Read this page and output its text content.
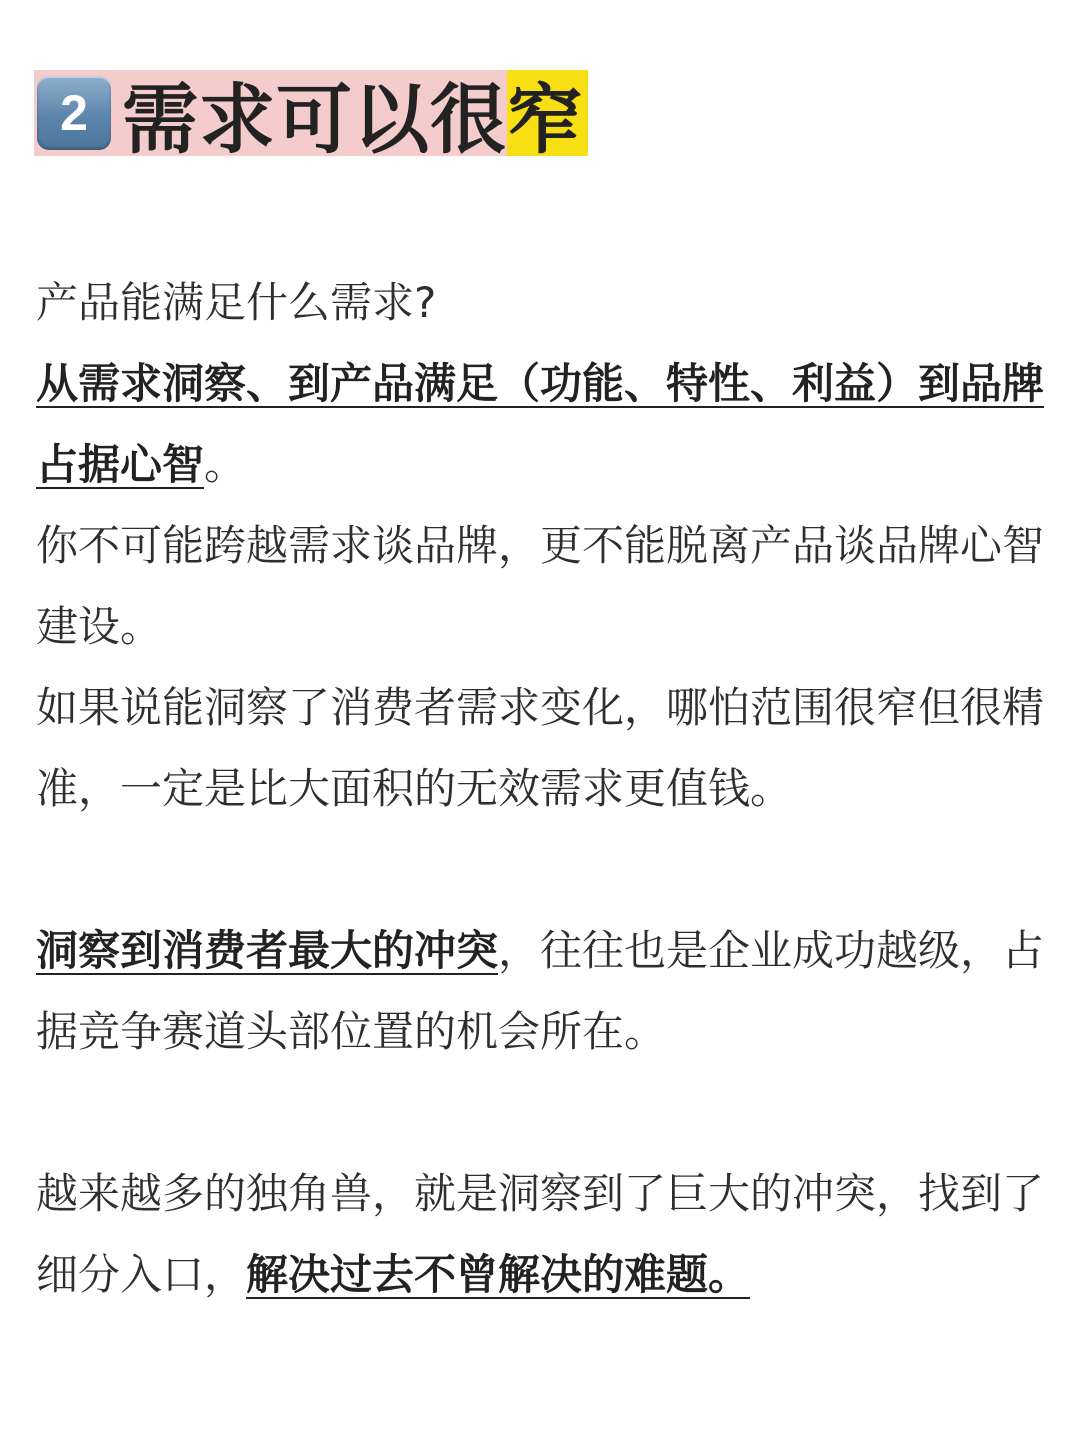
2 需求可以很 窄

产品能满足什么需求?

从需求洞察、到产品满足（功能、特性、利益）到品牌占据心智。

你不可能跨越需求谈品牌，更不能脱离产品谈品牌心智建设。

如果说能洞察了消费者需求变化，哪怕范围很窄但很精准，一定是比大面积的无效需求更值钱。

洞察到消费者最大的冲突，往往也是企业成功越级，占据竞争赛道头部位置的机会所在。

越来越多的独角兽，就是洞察到了巨大的冲突，找到了细分入口，解决过去不曾解决的难题。
